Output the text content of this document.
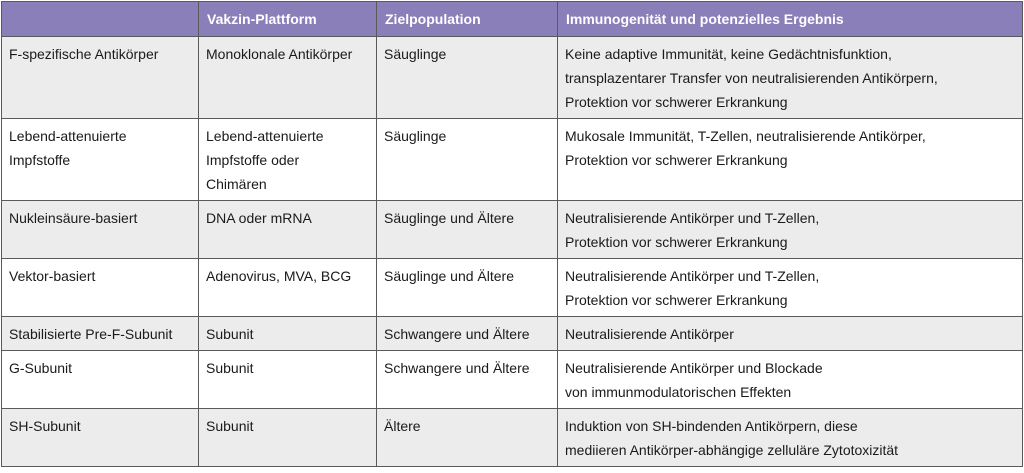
	Vakzin-Plattform	Zielpopulation	Immunogenität und potenzielles Ergebnis

F-spezifische Antikörper	Monoklonale Antikörper	Säuglinge	Keine adaptive Immunität, keine Gedächtnisfunktion,
transplazentarer Transfer von neutralisierenden Antikörpern,
Protektion vor schwerer Erkrankung

Lebend-attenuierte
Impfstoffe	Lebend-attenuierte
Impfstoffe oder
Chimären	Säuglinge	Mukosale Immunität, T-Zellen, neutralisierende Antikörper,
Protektion vor schwerer Erkrankung

Nukleinsäure-basiert	DNA oder mRNA	Säuglinge und Ältere	Neutralisierende Antikörper und T-Zellen,
Protektion vor schwerer Erkrankung

Vektor-basiert	Adenovirus, MVA, BCG	Säuglinge und Ältere	Neutralisierende Antikörper und T-Zellen,
Protektion vor schwerer Erkrankung

Stabilisierte Pre-F-Subunit	Subunit	Schwangere und Ältere	Neutralisierende Antikörper

G-Subunit	Subunit	Schwangere und Ältere	Neutralisierende Antikörper und Blockade
von immunmodulatorischen Effekten

SH-Subunit	Subunit	Ältere	Induktion von SH-bindenden Antikörpern, diese
mediieren Antikörper-abhängige zelluläre Zytotoxizität
